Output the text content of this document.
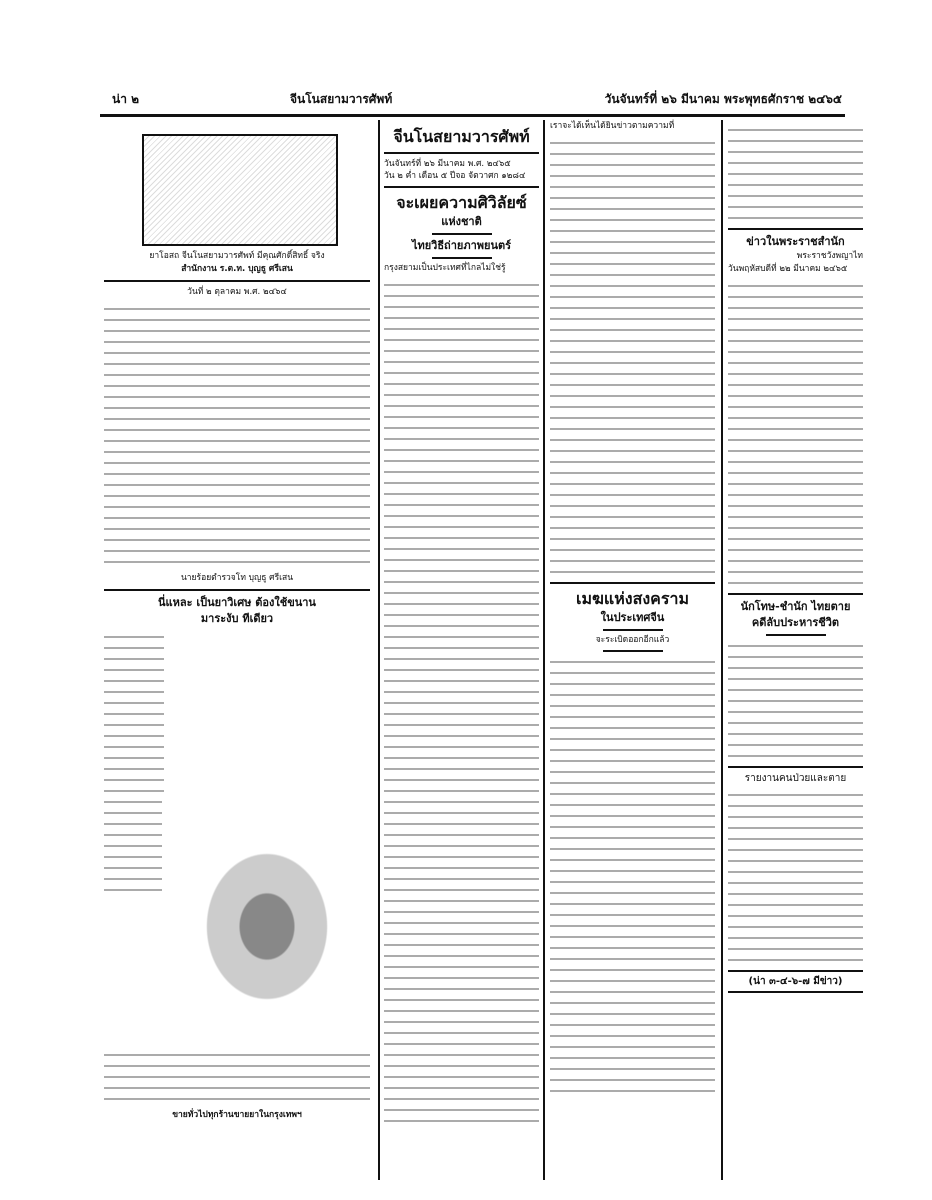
น่า ๒	จีนโนสยามวารศัพท์	วันจันทร์ที่ ๒๖ มีนาคม พระพุทธศักราช ๒๔๖๕
ยาโอสถ จีนโนสยามวารศัพท์ มีคุณศักดิ์สิทธิ์ จริง
สำนักงาน ร.ต.ท. บุญธู ศรีเสน
วันที่ ๒ ตุลาคม พ.ศ. ๒๔๖๔
นายร้อยตำรวจโท บุญธู ศรีเสน
นี่แหละ เป็นยาวิเศษ ต้องใช้ขนาน
มาระงับ ทีเดียว
ขายทั่วไปทุกร้านขายยาในกรุงเทพฯ
จีนโนสยามวารศัพท์
วันจันทร์ที่ ๒๖ มีนาคม พ.ศ. ๒๔๖๕
วัน ๒ ค่ำ เดือน ๕ ปีจอ จัตวาศก ๑๒๘๔
จะเผยความศิวิลัยซ์
แห่งชาติ
ไทยวิธีถ่ายภาพยนตร์
กรุงสยามเป็นประเทศที่ไกลไม่ใช่รู้
เราจะได้เห็นได้ยินข่าวตามความที่
เมฆแห่งสงคราม
ในประเทศจีน
จะระเบิดออกอีกแล้ว
ข่าวในพระราชสำนัก
พระราชวังพญาไท
วันพฤหัสบดีที่ ๒๒ มีนาคม ๒๔๖๕
นักโทษ-ชำนัก ไทยตาย
คดีลับประหารชีวิต
รายงานคนป่วยและตาย
(น่า ๓-๔-๖-๗ มีข่าว)
